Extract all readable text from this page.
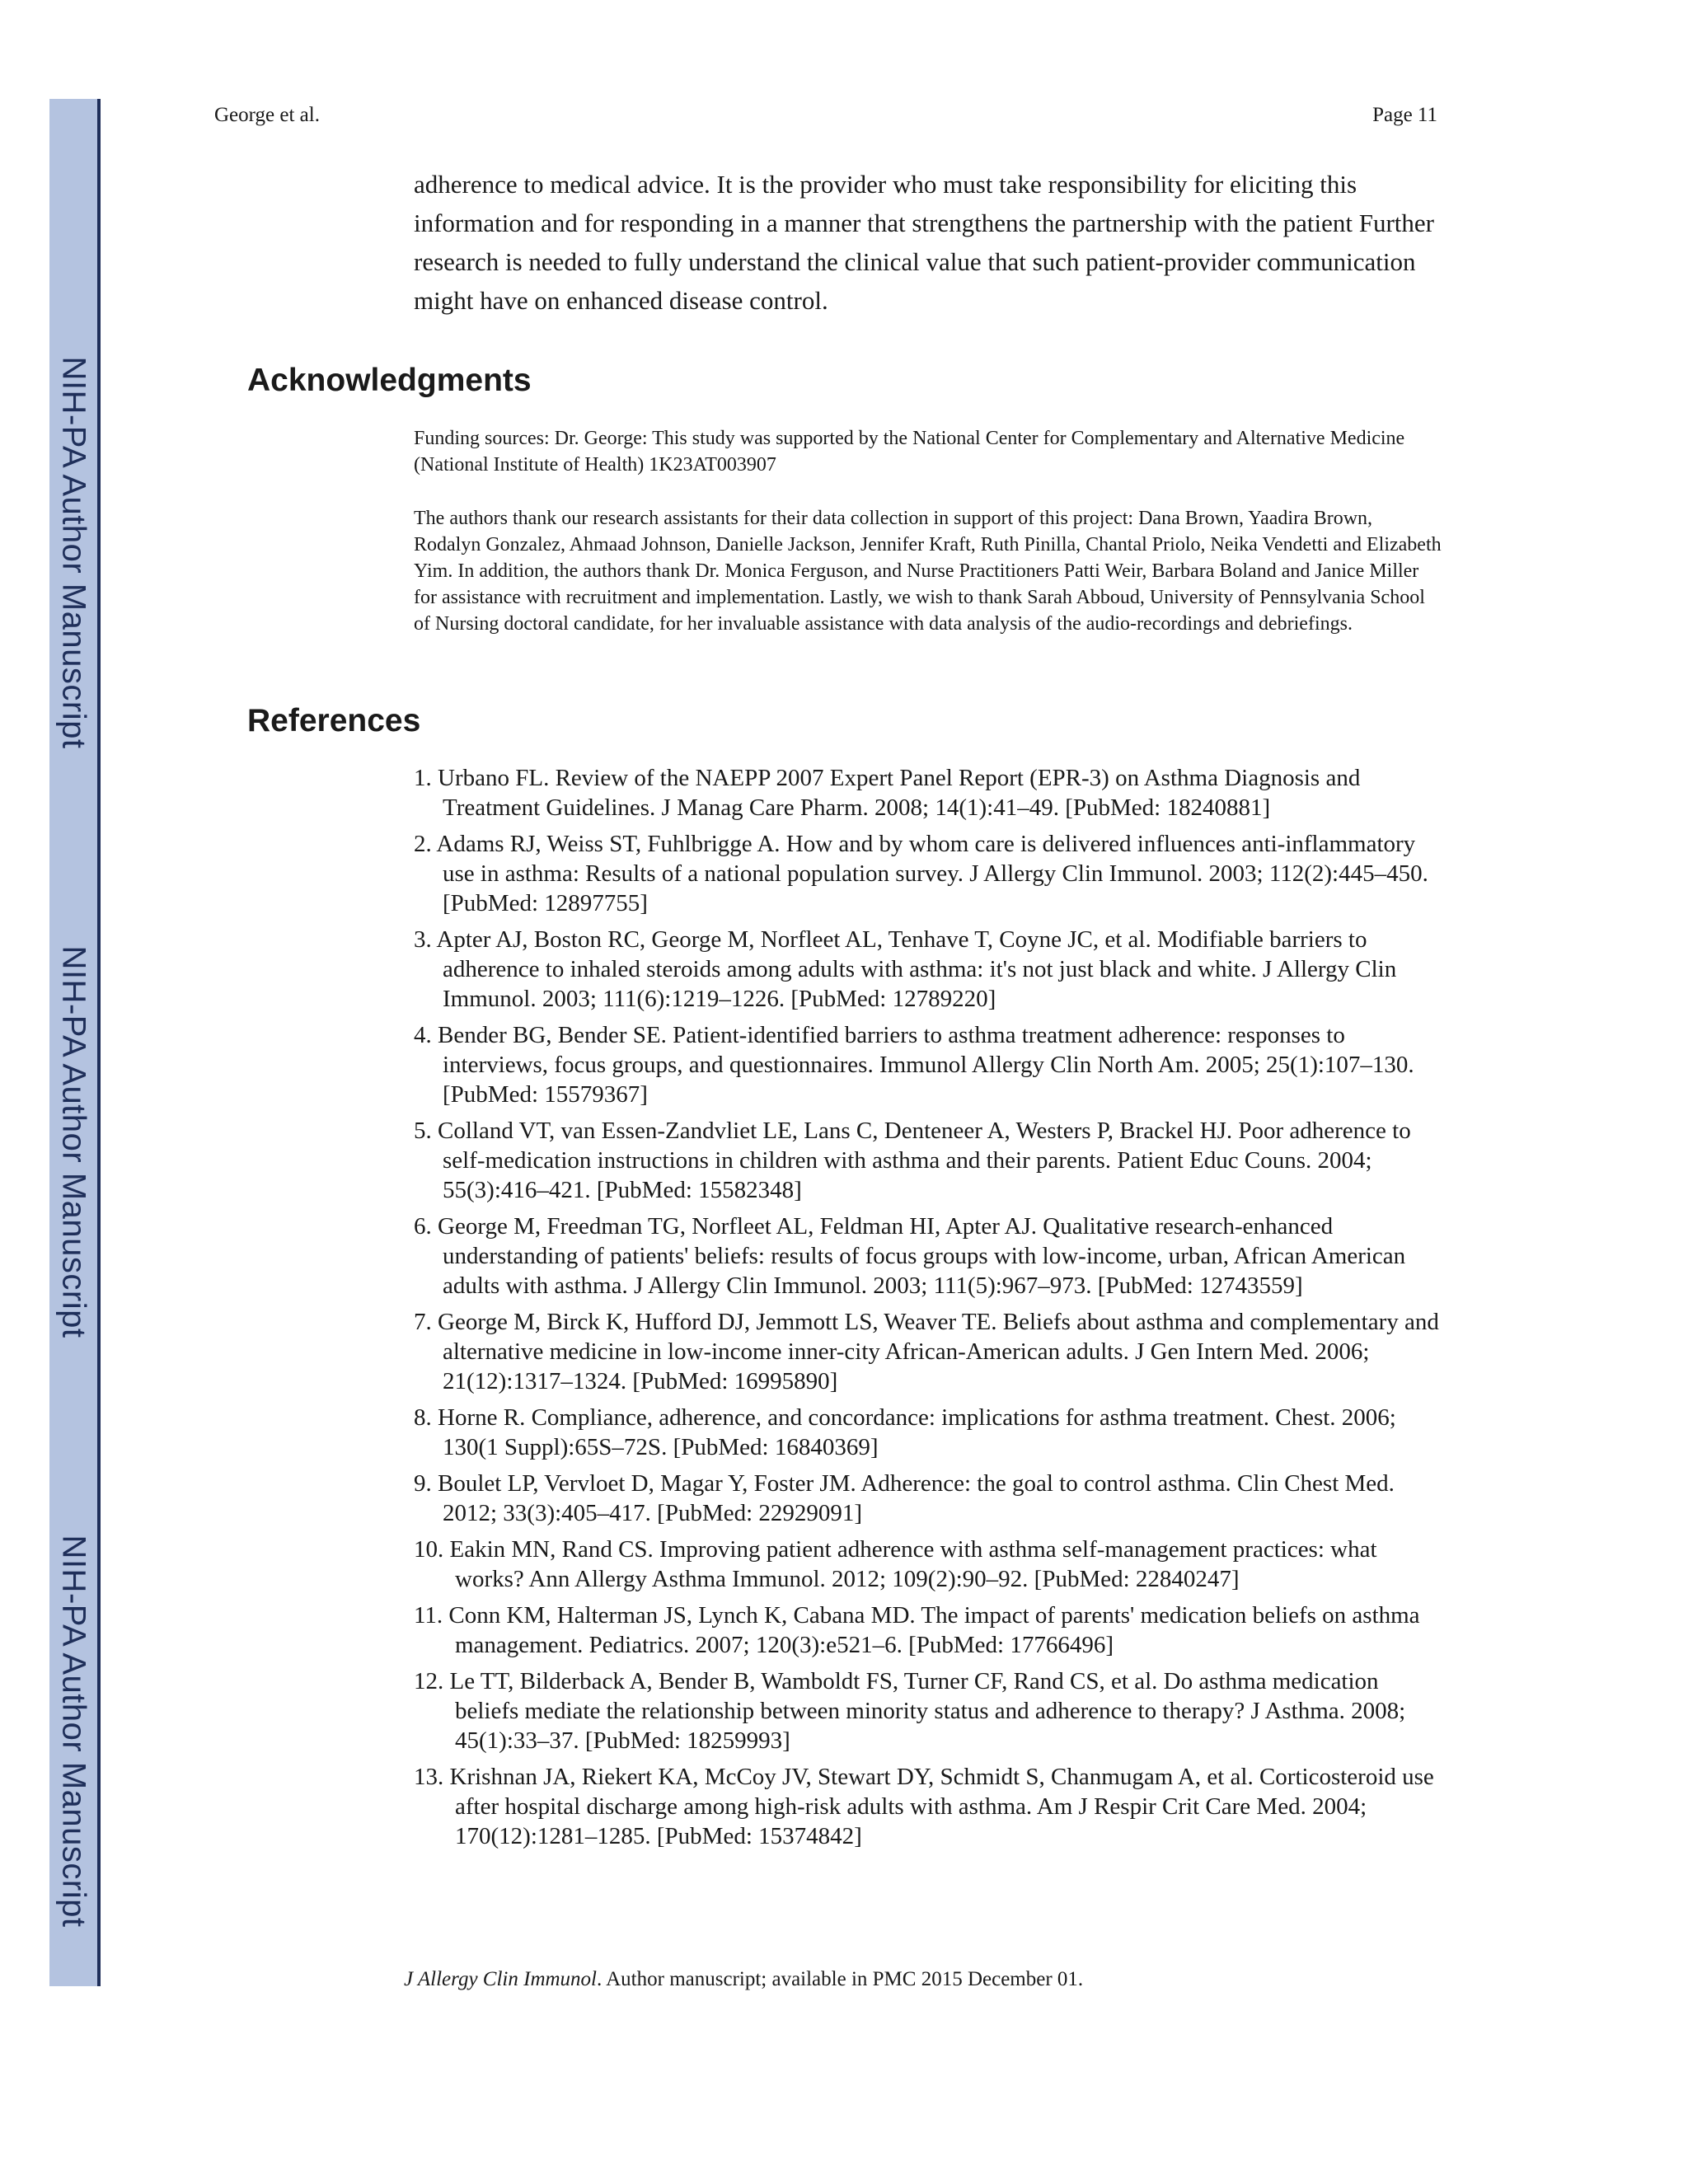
NIH-PA Author Manuscript
NIH-PA Author Manuscript
NIH-PA Author Manuscript
George et al.	Page 11

adherence to medical advice. It is the provider who must take responsibility for eliciting this information and for responding in a manner that strengthens the partnership with the patient Further research is needed to fully understand the clinical value that such patient-provider communication might have on enhanced disease control.

Acknowledgments

Funding sources: Dr. George: This study was supported by the National Center for Complementary and Alternative Medicine (National Institute of Health) 1K23AT003907

The authors thank our research assistants for their data collection in support of this project: Dana Brown, Yaadira Brown, Rodalyn Gonzalez, Ahmaad Johnson, Danielle Jackson, Jennifer Kraft, Ruth Pinilla, Chantal Priolo, Neika Vendetti and Elizabeth Yim. In addition, the authors thank Dr. Monica Ferguson, and Nurse Practitioners Patti Weir, Barbara Boland and Janice Miller for assistance with recruitment and implementation. Lastly, we wish to thank Sarah Abboud, University of Pennsylvania School of Nursing doctoral candidate, for her invaluable assistance with data analysis of the audio-recordings and debriefings.

References
1. Urbano FL. Review of the NAEPP 2007 Expert Panel Report (EPR-3) on Asthma Diagnosis and Treatment Guidelines. J Manag Care Pharm. 2008; 14(1):41–49. [PubMed: 18240881]
2. Adams RJ, Weiss ST, Fuhlbrigge A. How and by whom care is delivered influences anti-inflammatory use in asthma: Results of a national population survey. J Allergy Clin Immunol. 2003; 112(2):445–450. [PubMed: 12897755]
3. Apter AJ, Boston RC, George M, Norfleet AL, Tenhave T, Coyne JC, et al. Modifiable barriers to adherence to inhaled steroids among adults with asthma: it's not just black and white. J Allergy Clin Immunol. 2003; 111(6):1219–1226. [PubMed: 12789220]
4. Bender BG, Bender SE. Patient-identified barriers to asthma treatment adherence: responses to interviews, focus groups, and questionnaires. Immunol Allergy Clin North Am. 2005; 25(1):107–130. [PubMed: 15579367]
5. Colland VT, van Essen-Zandvliet LE, Lans C, Denteneer A, Westers P, Brackel HJ. Poor adherence to self-medication instructions in children with asthma and their parents. Patient Educ Couns. 2004; 55(3):416–421. [PubMed: 15582348]
6. George M, Freedman TG, Norfleet AL, Feldman HI, Apter AJ. Qualitative research-enhanced understanding of patients' beliefs: results of focus groups with low-income, urban, African American adults with asthma. J Allergy Clin Immunol. 2003; 111(5):967–973. [PubMed: 12743559]
7. George M, Birck K, Hufford DJ, Jemmott LS, Weaver TE. Beliefs about asthma and complementary and alternative medicine in low-income inner-city African-American adults. J Gen Intern Med. 2006; 21(12):1317–1324. [PubMed: 16995890]
8. Horne R. Compliance, adherence, and concordance: implications for asthma treatment. Chest. 2006; 130(1 Suppl):65S–72S. [PubMed: 16840369]
9. Boulet LP, Vervloet D, Magar Y, Foster JM. Adherence: the goal to control asthma. Clin Chest Med. 2012; 33(3):405–417. [PubMed: 22929091]
10. Eakin MN, Rand CS. Improving patient adherence with asthma self-management practices: what works? Ann Allergy Asthma Immunol. 2012; 109(2):90–92. [PubMed: 22840247]
11. Conn KM, Halterman JS, Lynch K, Cabana MD. The impact of parents' medication beliefs on asthma management. Pediatrics. 2007; 120(3):e521–6. [PubMed: 17766496]
12. Le TT, Bilderback A, Bender B, Wamboldt FS, Turner CF, Rand CS, et al. Do asthma medication beliefs mediate the relationship between minority status and adherence to therapy? J Asthma. 2008; 45(1):33–37. [PubMed: 18259993]
13. Krishnan JA, Riekert KA, McCoy JV, Stewart DY, Schmidt S, Chanmugam A, et al. Corticosteroid use after hospital discharge among high-risk adults with asthma. Am J Respir Crit Care Med. 2004; 170(12):1281–1285. [PubMed: 15374842]
J Allergy Clin Immunol. Author manuscript; available in PMC 2015 December 01.
